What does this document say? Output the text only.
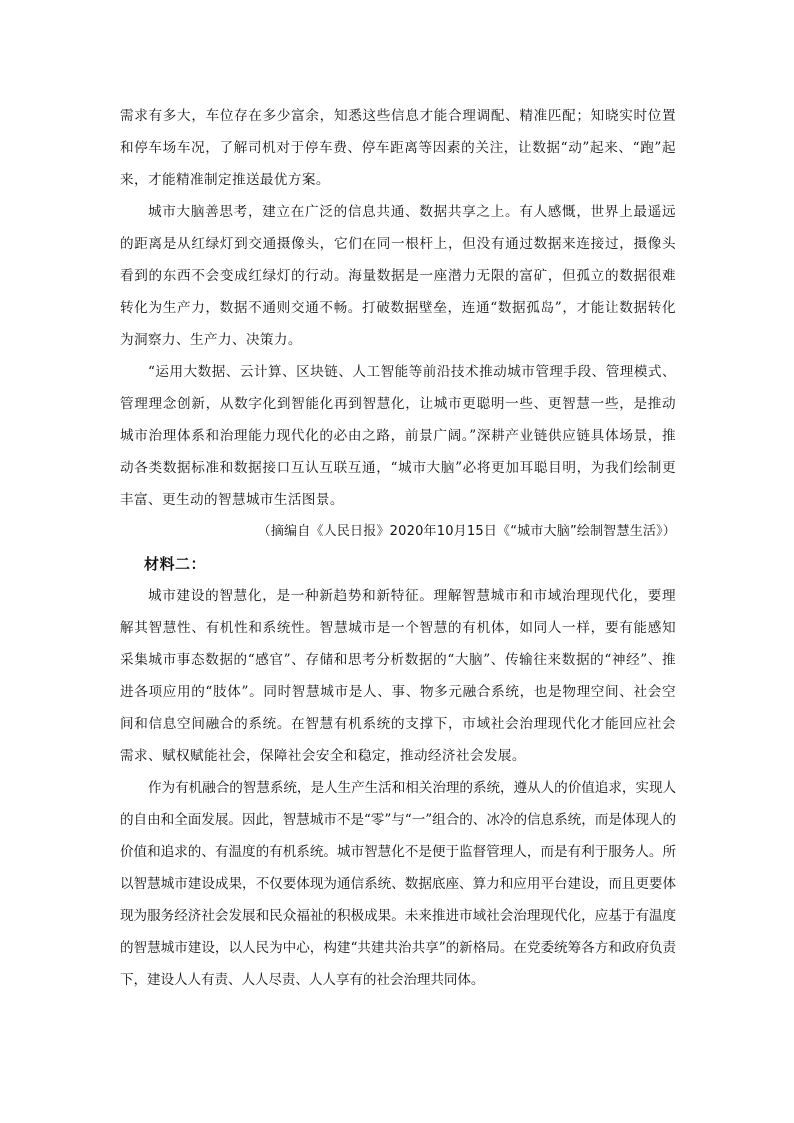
需求有多大，车位存在多少富余，知悉这些信息才能合理调配、精准匹配；知晓实时位置和停车场车况，了解司机对于停车费、停车距离等因素的关注，让数据“动”起来、“跑”起来，才能精准制定推送最优方案。

城市大脑善思考，建立在广泛的信息共通、数据共享之上。有人感慨，世界上最遥远的距离是从红绿灯到交通摄像头，它们在同一根杆上，但没有通过数据来连接过，摄像头看到的东西不会变成红绿灯的行动。海量数据是一座潜力无限的富矿，但孤立的数据很难转化为生产力，数据不通则交通不畅。打破数据壁垒，连通“数据孤岛”，才能让数据转化为洞察力、生产力、决策力。

“运用大数据、云计算、区块链、人工智能等前沿技术推动城市管理手段、管理模式、管理理念创新，从数字化到智能化再到智慧化，让城市更聪明一些、更智慧一些，是推动城市治理体系和治理能力现代化的必由之路，前景广阔。”深耕产业链供应链具体场景，推动各类数据标准和数据接口互认互联互通，“城市大脑”必将更加耳聪目明，为我们绘制更丰富、更生动的智慧城市生活图景。

（摘编自《人民日报》2020年10月15日《“城市大脑”绘制智慧生活》）

材料二：

城市建设的智慧化，是一种新趋势和新特征。理解智慧城市和市域治理现代化，要理解其智慧性、有机性和系统性。智慧城市是一个智慧的有机体，如同人一样，要有能感知采集城市事态数据的“感官”、存储和思考分析数据的“大脑”、传输往来数据的“神经”、推进各项应用的“肢体”。同时智慧城市是人、事、物多元融合系统，也是物理空间、社会空间和信息空间融合的系统。在智慧有机系统的支撑下，市域社会治理现代化才能回应社会需求、赋权赋能社会，保障社会安全和稳定，推动经济社会发展。

作为有机融合的智慧系统，是人生产生活和相关治理的系统，遵从人的价值追求，实现人的自由和全面发展。因此，智慧城市不是“零”与“一”组合的、冰冷的信息系统，而是体现人的价值和追求的、有温度的有机系统。城市智慧化不是便于监督管理人，而是有利于服务人。所以智慧城市建设成果，不仅要体现为通信系统、数据底座、算力和应用平台建设，而且更要体现为服务经济社会发展和民众福祉的积极成果。未来推进市域社会治理现代化，应基于有温度的智慧城市建设，以人民为中心，构建“共建共治共享”的新格局。在党委统筹各方和政府负责下，建设人人有责、人人尽责、人人享有的社会治理共同体。
